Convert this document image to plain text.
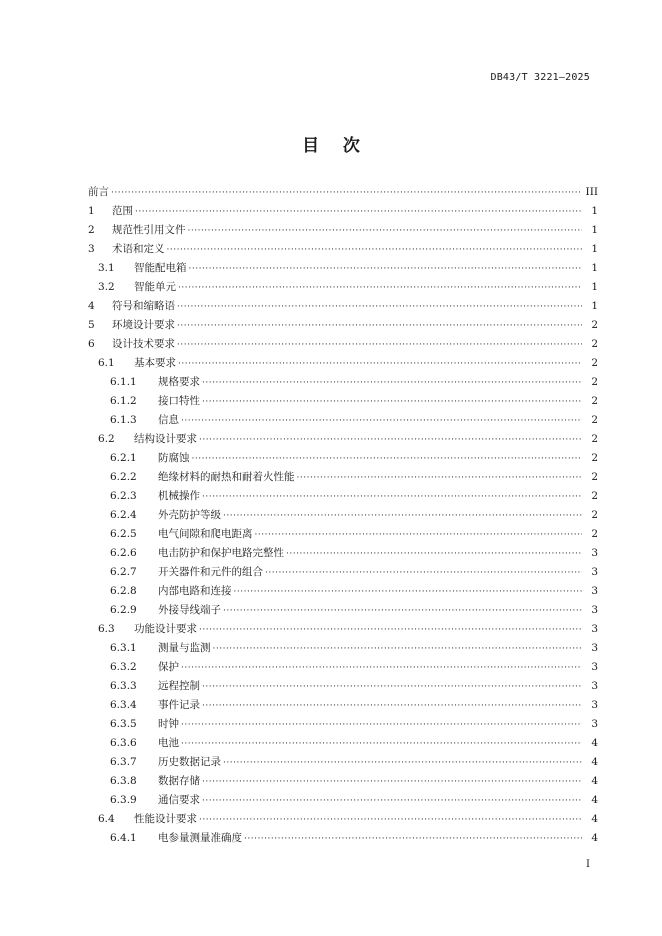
DB43/T 3221—2025
目    次
前言 ·····	III
1	范围 ·····	1
2	规范性引用文件 ·····	1
3	术语和定义 ·····	1
3.1	智能配电箱 ·····	1
3.2	智能单元 ·····	1
4	符号和缩略语 ·····	1
5	环境设计要求 ·····	2
6	设计技术要求 ·····	2
6.1	基本要求 ·····	2
6.1.1	规格要求 ·····	2
6.1.2	接口特性 ·····	2
6.1.3	信息 ·····	2
6.2	结构设计要求 ·····	2
6.2.1	防腐蚀 ·····	2
6.2.2	绝缘材料的耐热和耐着火性能 ·····	2
6.2.3	机械操作 ·····	2
6.2.4	外壳防护等级 ·····	2
6.2.5	电气间隙和爬电距离 ·····	2
6.2.6	电击防护和保护电路完整性 ·····	3
6.2.7	开关器件和元件的组合 ·····	3
6.2.8	内部电路和连接 ·····	3
6.2.9	外接导线端子 ·····	3
6.3	功能设计要求 ·····	3
6.3.1	测量与监测 ·····	3
6.3.2	保护 ·····	3
6.3.3	远程控制 ·····	3
6.3.4	事件记录 ·····	3
6.3.5	时钟 ·····	3
6.3.6	电池 ·····	4
6.3.7	历史数据记录 ·····	4
6.3.8	数据存储 ·····	4
6.3.9	通信要求 ·····	4
6.4	性能设计要求 ·····	4
6.4.1	电参量测量准确度 ·····	4
I
